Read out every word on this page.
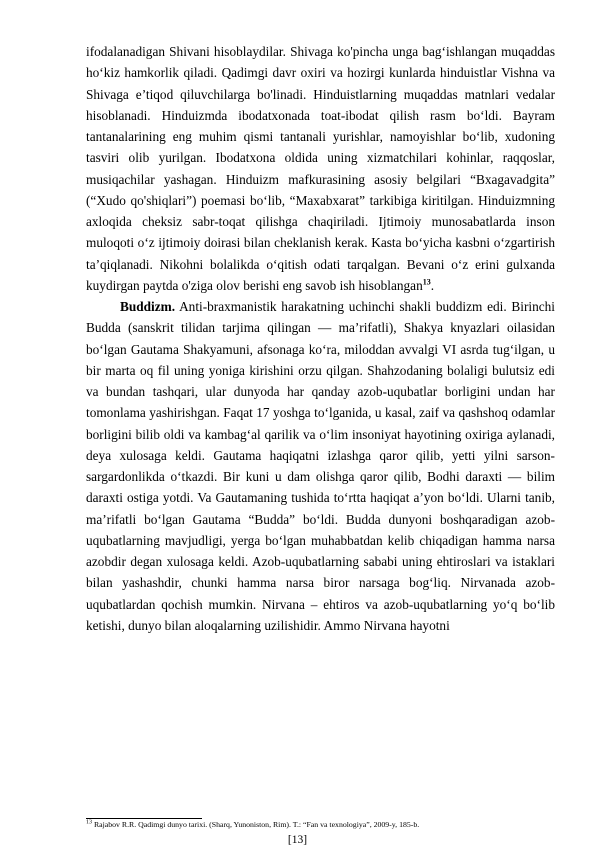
ifodalanadigan Shivani hisoblaydilar. Shivaga ko'pincha unga bag‘ishlangan muqaddas ho‘kiz hamkorlik qiladi. Qadimgi davr oxiri va hozirgi kunlarda hinduistlar Vishna va Shivaga e’tiqod qiluvchilarga bo'linadi. Hinduistlarning muqaddas matnlari vedalar hisoblanadi. Hinduizmda ibodatxonada toat-ibodat qilish rasm bo‘ldi. Bayram tantanalarining eng muhim qismi tantanali yurishlar, namoyishlar bo‘lib, xudoning tasviri olib yurilgan. Ibodatxona oldida uning xizmatchilari kohinlar, raqqoslar, musiqachilar yashagan. Hinduizm mafkurasining asosiy belgilari “Bxagavadgita” (“Xudo qo'shiqlari”) poemasi bo‘lib, “Maxabxarat” tarkibiga kiritilgan. Hinduizmning axloqida cheksiz sabr-toqat qilishga chaqiriladi. Ijtimoiy munosabatlarda inson muloqoti o‘z ijtimoiy doirasi bilan cheklanish kerak. Kasta bo‘yicha kasbni o‘zgartirish ta’qiqlanadi. Nikohni bolalikda o‘qitish odati tarqalgan. Bevani o‘z erini gulxanda kuydirgan paytda o'ziga olov berishi eng savob ish hisoblangan$^{13}$.

Buddizm. Anti-braxmanistik harakatning uchinchi shakli buddizm edi. Birinchi Budda (sanskrit tilidan tarjima qilingan — ma’rifatli), Shakya knyazlari oilasidan bo‘lgan Gautama Shakyamuni, afsonaga ko‘ra, miloddan avvalgi VI asrda tug‘ilgan, u bir marta oq fil uning yoniga kirishini orzu qilgan. Shahzodaning bolaligi bulutsiz edi va bundan tashqari, ular dunyoda har qanday azob-uqubatlar borligini undan har tomonlama yashirishgan. Faqat 17 yoshga to‘lganida, u kasal, zaif va qashshoq odamlar borligini bilib oldi va kambag‘al qarilik va o‘lim insoniyat hayotining oxiriga aylanadi, deya xulosaga keldi. Gautama haqiqatni izlashga qaror qilib, yetti yilni sarson-sargardonlikda o‘tkazdi. Bir kuni u dam olishga qaror qilib, Bodhi daraxti — bilim daraxti ostiga yotdi. Va Gautamaning tushida to‘rtta haqiqat a’yon bo‘ldi. Ularni tanib, ma’rifatli bo‘lgan Gautama “Budda” bo‘ldi. Budda dunyoni boshqaradigan azob-uqubatlarning mavjudligi, yerga bo‘lgan muhabbatdan kelib chiqadigan hamma narsa azobdir degan xulosaga keldi. Azob-uqubatlarning sababi uning ehtiroslari va istaklari bilan yashashdir, chunki hamma narsa biror narsaga bog‘liq. Nirvanada azob-uqubatlardan qochish mumkin. Nirvana – ehtiros va azob-uqubatlarning yo‘q bo‘lib ketishi, dunyo bilan aloqalarning uzilishidir. Ammo Nirvana hayotni

$^{13}$ Rajabov R.R. Qadimgi dunyo tarixi. (Sharq, Yunoniston, Rim). T.: “Fan va texnologiya”, 2009-y, 185-b.
[13]
